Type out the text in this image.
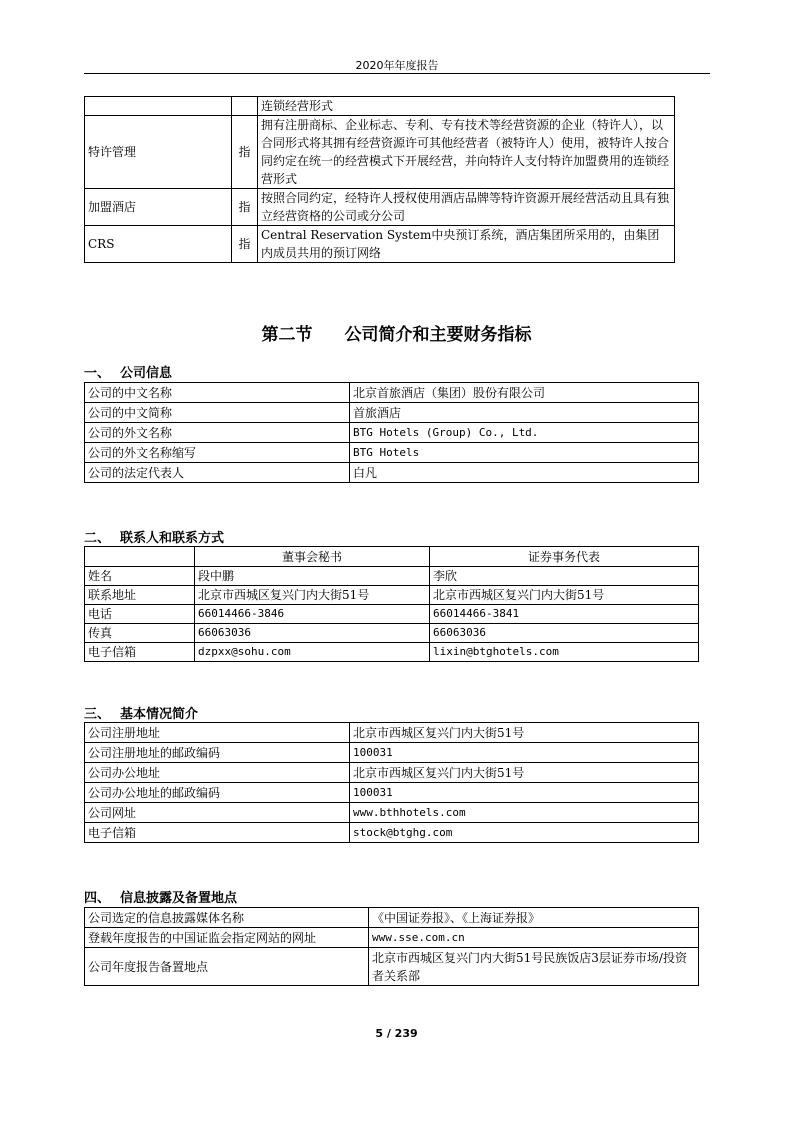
2020年年度报告
		连锁经营形式
特许管理	指	拥有注册商标、企业标志、专利、专有技术等经营资源的企业（特许人），以合同形式将其拥有经营资源许可其他经营者（被特许人）使用，被特许人按合同约定在统一的经营模式下开展经营，并向特许人支付特许加盟费用的连锁经营形式
加盟酒店	指	按照合同约定，经特许人授权使用酒店品牌等特许资源开展经营活动且具有独立经营资格的公司或分公司
CRS	指	Central Reservation System中央预订系统，酒店集团所采用的，由集团内成员共用的预订网络
第二节 公司简介和主要财务指标
一、 公司信息
公司的中文名称	北京首旅酒店（集团）股份有限公司
公司的中文简称	首旅酒店
公司的外文名称	BTG Hotels (Group) Co., Ltd.
公司的外文名称缩写	BTG Hotels
公司的法定代表人	白凡
二、 联系人和联系方式
	董事会秘书	证券事务代表
姓名	段中鹏	李欣
联系地址	北京市西城区复兴门内大街51号	北京市西城区复兴门内大街51号
电话	66014466-3846	66014466-3841
传真	66063036	66063036
电子信箱	dzpxx@sohu.com	lixin@btghotels.com
三、 基本情况简介
公司注册地址	北京市西城区复兴门内大街51号
公司注册地址的邮政编码	100031
公司办公地址	北京市西城区复兴门内大街51号
公司办公地址的邮政编码	100031
公司网址	www.bthhotels.com
电子信箱	stock@btghg.com
四、 信息披露及备置地点
公司选定的信息披露媒体名称	《中国证券报》、《上海证券报》
登载年度报告的中国证监会指定网站的网址	www.sse.com.cn
公司年度报告备置地点	北京市西城区复兴门内大街51号民族饭店3层证券市场/投资者关系部
5 / 239
